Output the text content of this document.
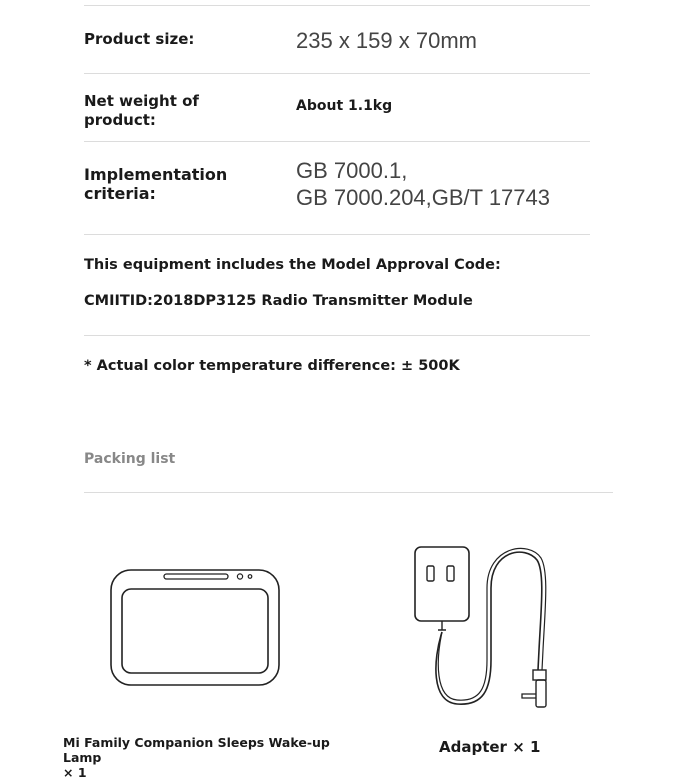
Product size:	235 x 159 x 70mm
Net weight of product:
About 1.1kg
Implementation criteria:
GB 7000.1,
GB 7000.204,GB/T 17743
This equipment includes the Model Approval Code:
CMIITID:2018DP3125 Radio Transmitter Module
* Actual color temperature difference: ± 500K
Packing list
Mi Family Companion Sleeps Wake-up Lamp
× 1
Adapter × 1
